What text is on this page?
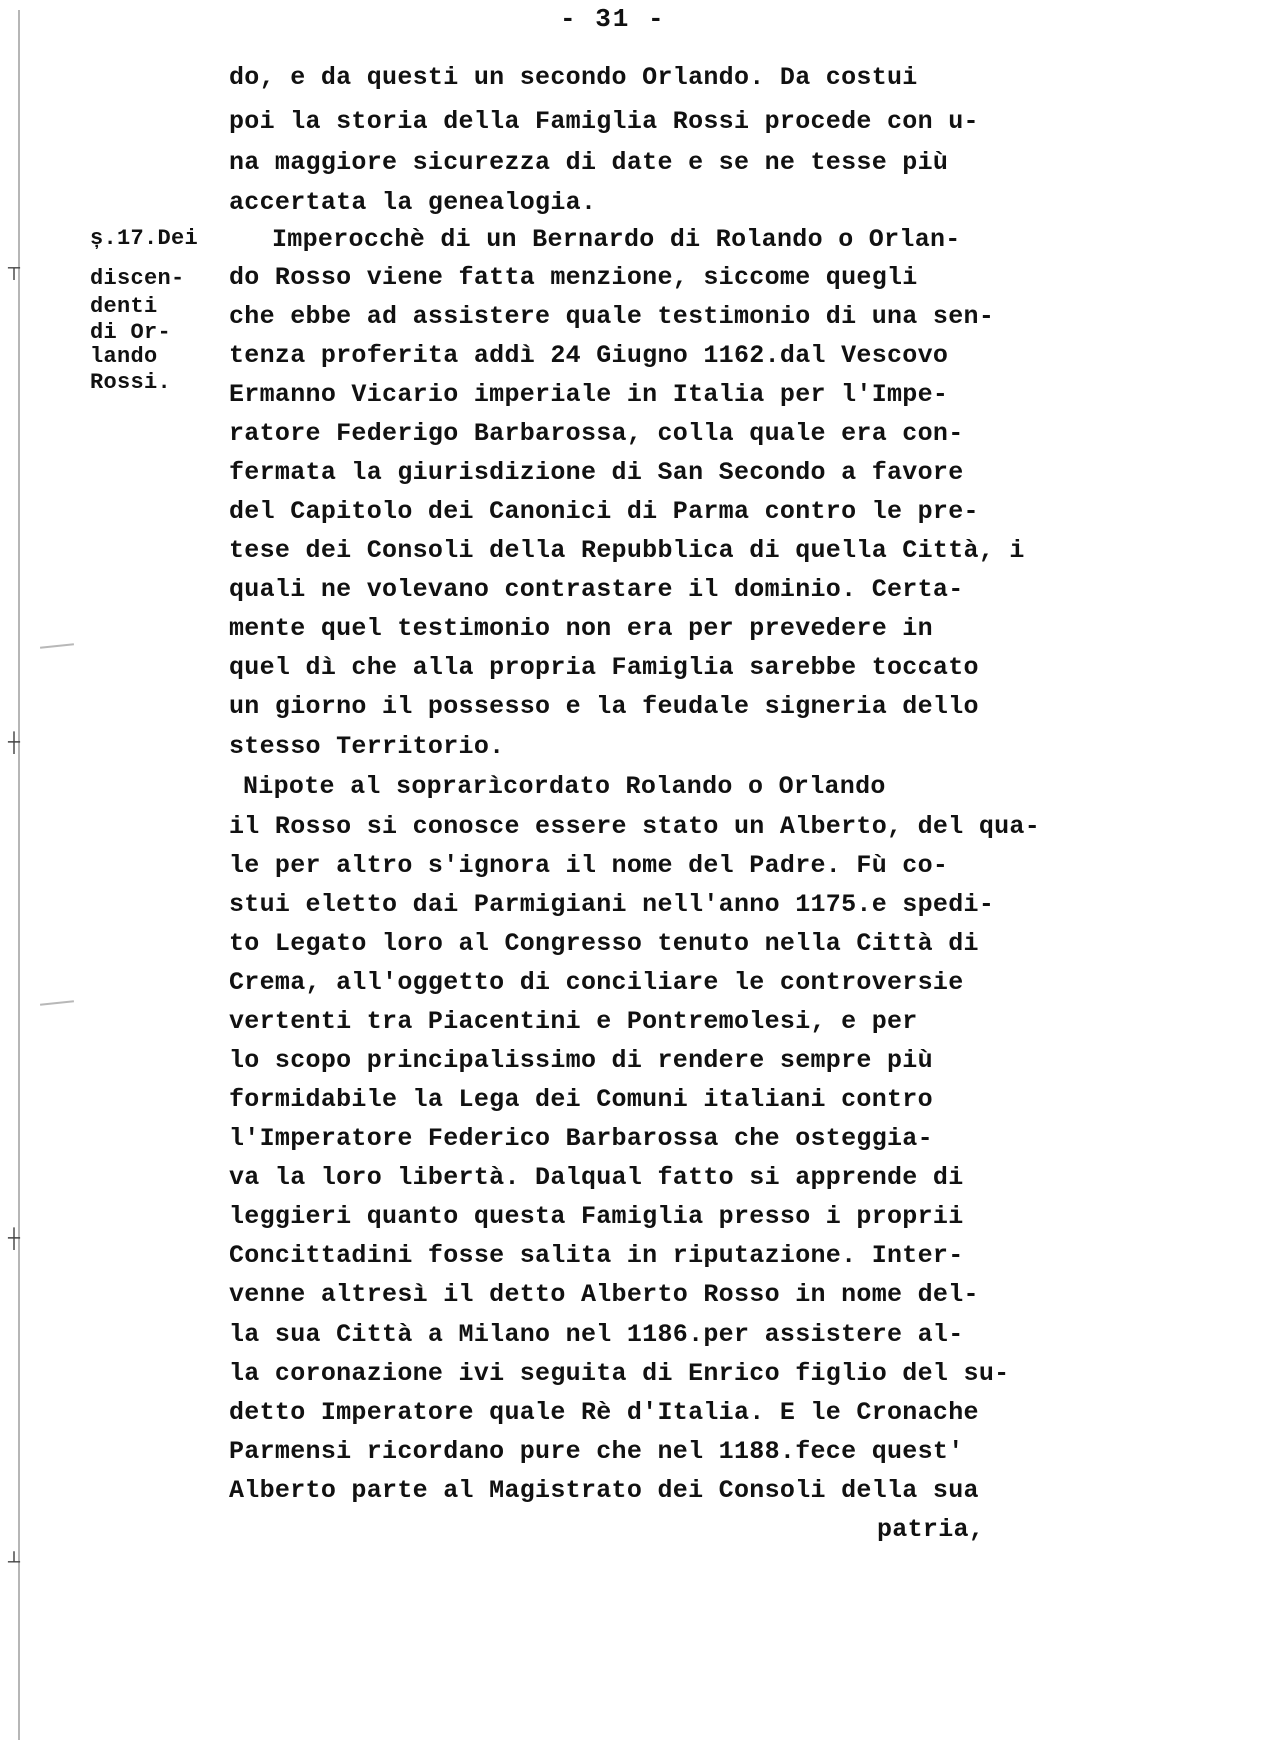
┬
┼
┼
┴
- 31 -
ș.17.Dei
discen-
denti
di Or-
lando
Rossi.
do, e da questi un secondo Orlando. Da costui
poi la storia della Famiglia Rossi procede con u-
na maggiore sicurezza di date e se ne tesse più
accertata la genealogia.
Imperocchè di un Bernardo di Rolando o Orlan-
do Rosso viene fatta menzione, siccome quegli
che ebbe ad assistere quale testimonio di una sen-
tenza proferita addì 24 Giugno 1162.dal Vescovo
Ermanno Vicario imperiale in Italia per l'Impe-
ratore Federigo Barbarossa, colla quale era con-
fermata la giurisdizione di San Secondo a favore
del Capitolo dei Canonici di Parma contro le pre-
tese dei Consoli della Repubblica di quella Città, i
quali ne volevano contrastare il dominio. Certa-
mente quel testimonio non era per prevedere in
quel dì che alla propria Famiglia sarebbe toccato
un giorno il possesso e la feudale signeria dello
stesso Territorio.
Nipote al soprarìcordato Rolando o Orlando
il Rosso si conosce essere stato un Alberto, del qua-
le per altro s'ignora il nome del Padre. Fù co-
stui eletto dai Parmigiani nell'anno 1175.e spedi-
to Legato loro al Congresso tenuto nella Città di
Crema, all'oggetto di conciliare le controversie
vertenti tra Piacentini e Pontremolesi, e per
lo scopo principalissimo di rendere sempre più
formidabile la Lega dei Comuni italiani contro
l'Imperatore Federico Barbarossa che osteggia-
va la loro libertà. Dalqual fatto si apprende di
leggieri quanto questa Famiglia presso i proprii
Concittadini fosse salita in riputazione. Inter-
venne altresì il detto Alberto Rosso in nome del-
la sua Città a Milano nel 1186.per assistere al-
la coronazione ivi seguita di Enrico figlio del su-
detto Imperatore quale Rè d'Italia. E le Cronache
Parmensi ricordano pure che nel 1188.fece quest'
Alberto parte al Magistrato dei Consoli della sua
patria,
